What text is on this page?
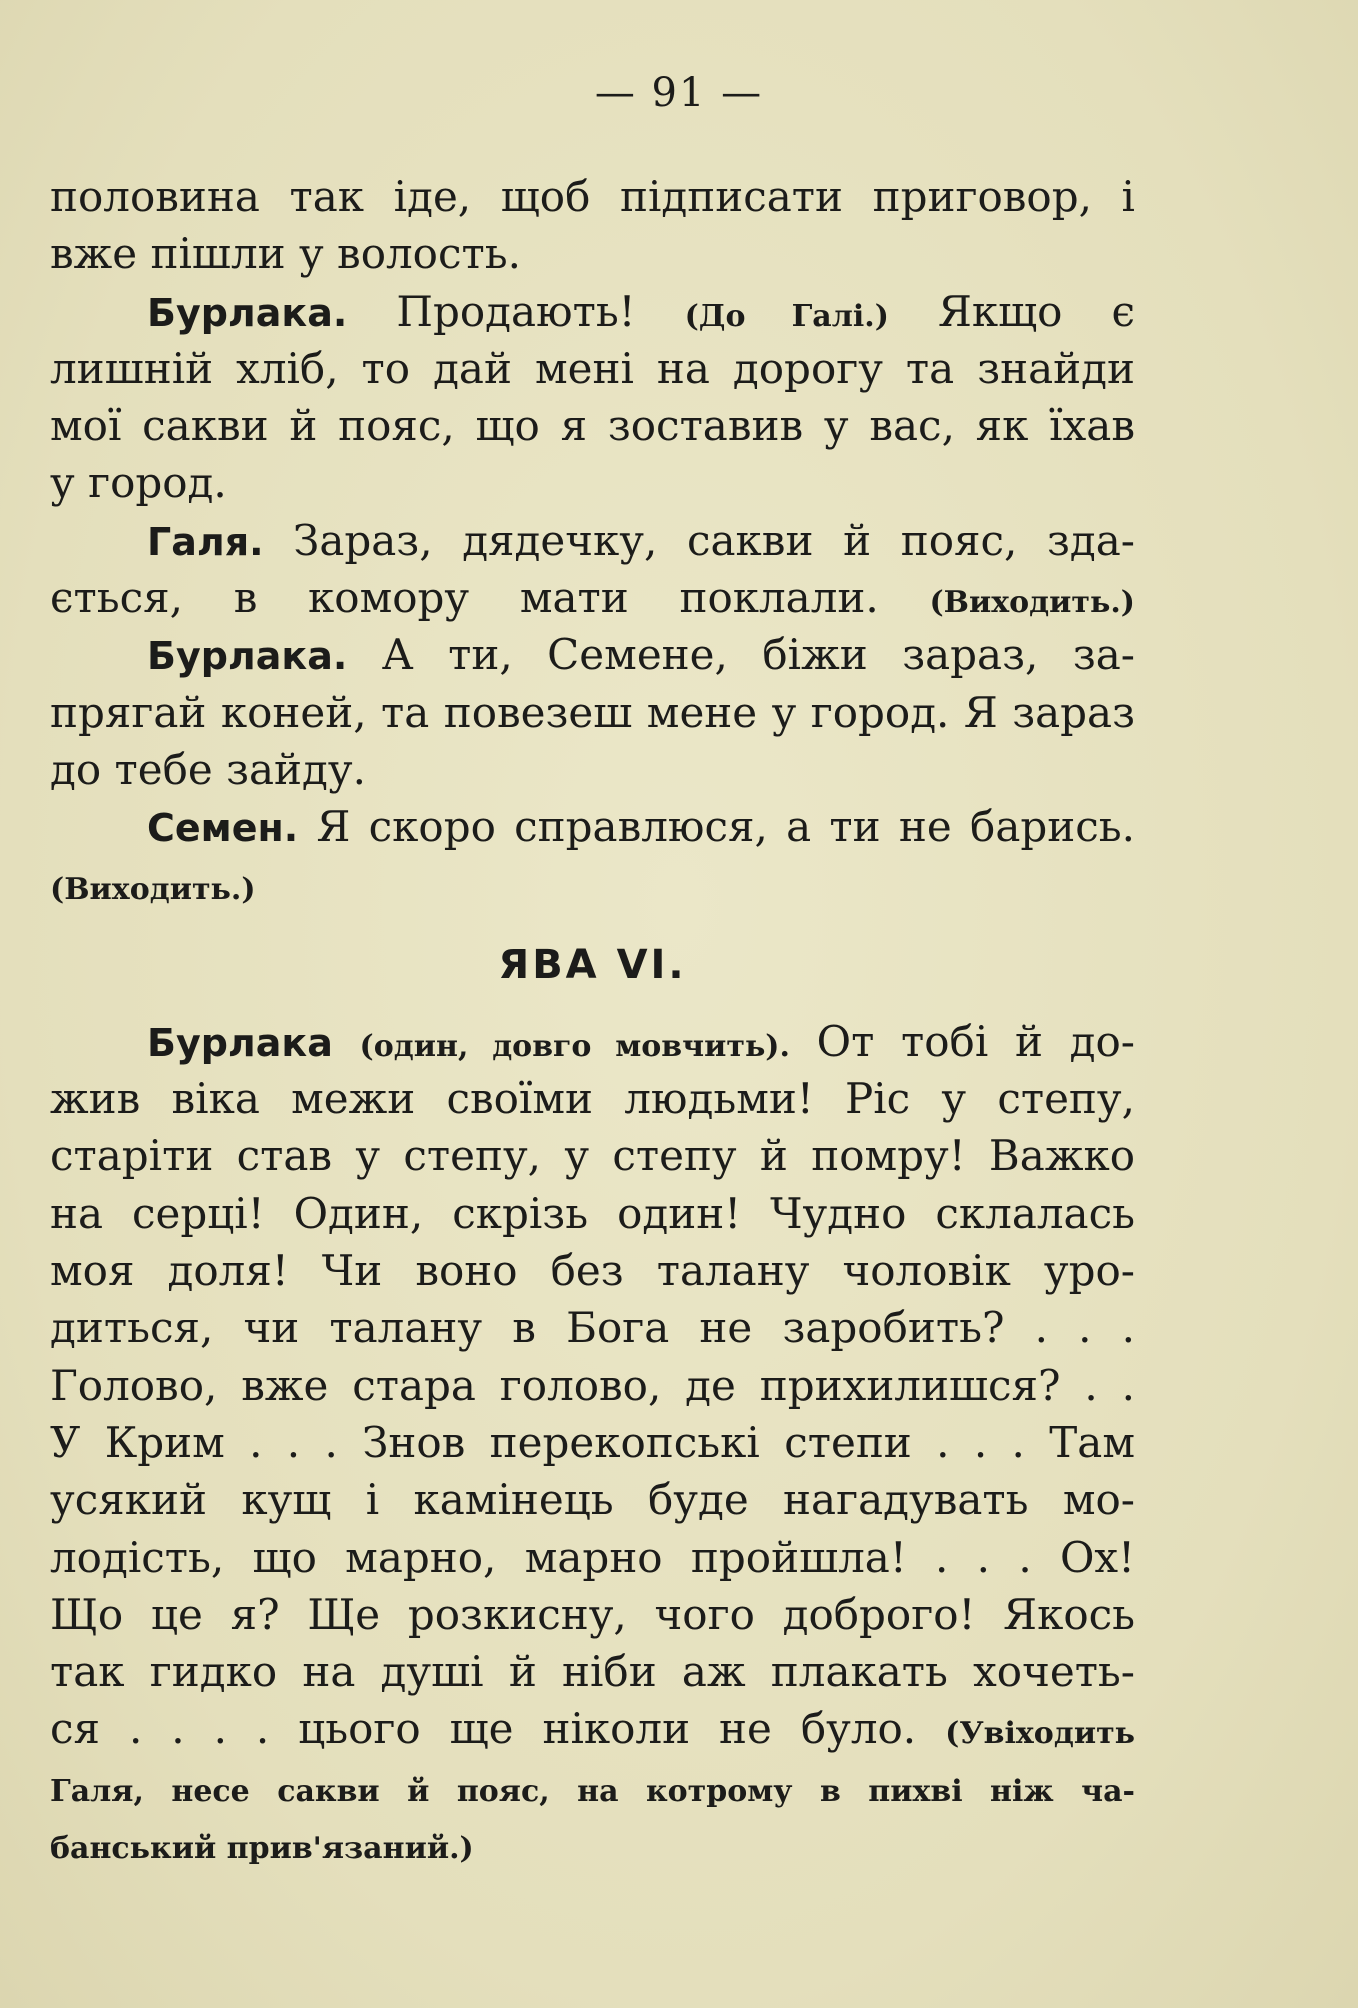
— 91 —
половина так іде, щоб підписати приговор, і
вже пішли у волость.
Бурлака. Продають! (До Галі.) Якщо є
лишній хліб, то дай мені на дорогу та знайди
мої сакви й пояс, що я зоставив у вас, як їхав
у город.
Галя. Зараз, дядечку, сакви й пояс, зда-
ється, в комору мати поклали. (Виходить.)
Бурлака. А ти, Семене, біжи зараз, за-
прягай коней, та повезеш мене у город. Я зараз
до тебе зайду.
Семен. Я скоро справлюся, а ти не барись.
(Виходить.)
ЯВА VI.
Бурлака (один, довго мовчить). От тобі й до-
жив віка межи своїми людьми! Ріс у степу,
старіти став у степу, у степу й помру! Важко
на серці! Один, скрізь один! Чудно склалась
моя доля! Чи воно без талану чоловік уро-
диться, чи талану в Бога не заробить? . . .
Голово, вже стара голово, де прихилишся? . .
У Крим . . . Знов перекопські степи . . . Там
усякий кущ і камінець буде нагадувать мо-
лодість, що марно, марно пройшла! . . . Ох!
Що це я? Ще розкисну, чого доброго! Якось
так гидко на душі й ніби аж плакать хочеть-
ся . . . . цього ще ніколи не було. (Увіходить
Галя, несе сакви й пояс, на котрому в пихві ніж ча-
банський прив'язаний.)
